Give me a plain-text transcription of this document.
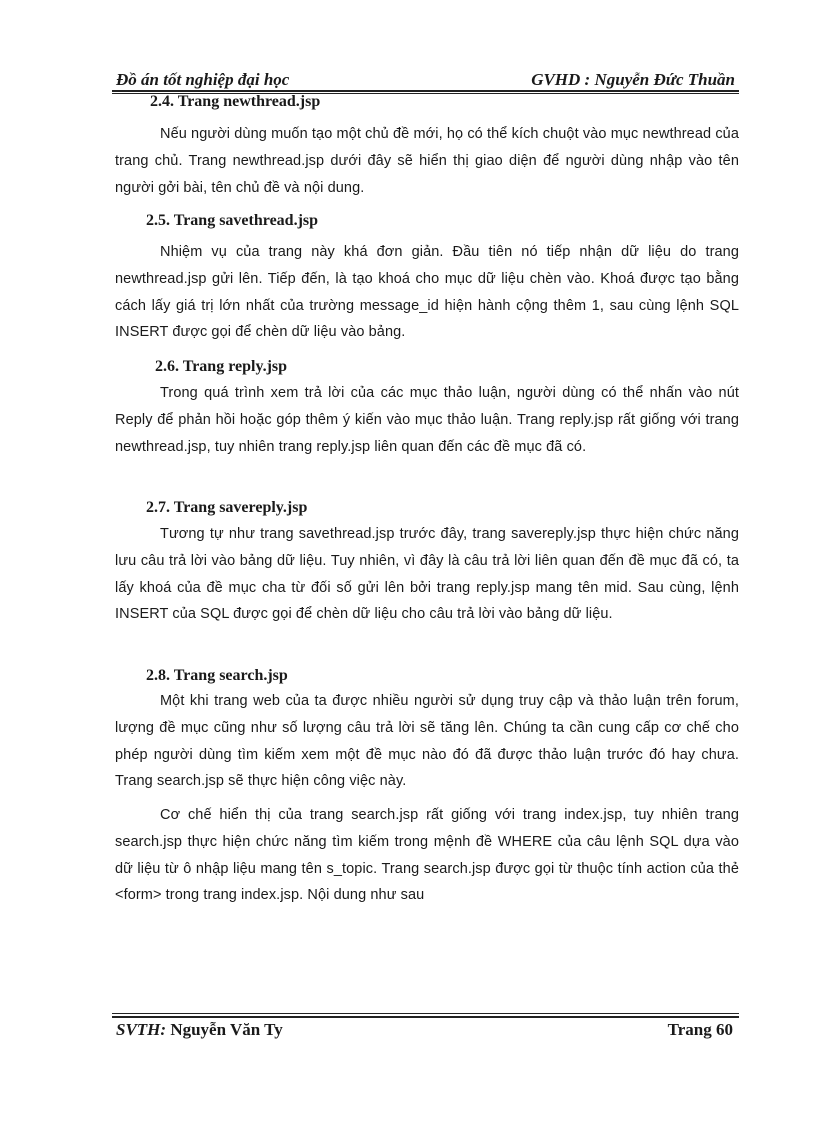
Đồ án tốt nghiệp đại học	GVHD : Nguyễn Đức Thuần
2.4. Trang newthread.jsp
Nếu người dùng muốn tạo một chủ đề mới, họ có thể kích chuột vào mục newthread của trang chủ. Trang newthread.jsp dưới đây sẽ hiển thị giao diện để người dùng nhập vào tên người gởi bài, tên chủ đề và nội dung.
2.5. Trang savethread.jsp
Nhiệm vụ của trang này khá đơn giản. Đầu tiên nó tiếp nhận dữ liệu do trang newthread.jsp gửi lên. Tiếp đến, là tạo khoá cho mục dữ liệu chèn vào. Khoá được tạo bằng cách lấy giá trị lớn nhất của trường message_id hiện hành cộng thêm 1, sau cùng lệnh SQL INSERT được gọi để chèn dữ liệu vào bảng.
2.6. Trang reply.jsp
Trong quá trình xem trả lời của các mục thảo luận, người dùng có thể nhấn vào nút Reply để phản hồi hoặc góp thêm ý kiến vào mục thảo luận. Trang reply.jsp rất giống với trang newthread.jsp, tuy nhiên trang reply.jsp liên quan đến các đề mục đã có.
2.7. Trang savereply.jsp
Tương tự như trang savethread.jsp trước đây, trang savereply.jsp thực hiện chức năng lưu câu trả lời vào bảng dữ liệu. Tuy nhiên, vì đây là câu trả lời liên quan đến đề mục đã có, ta lấy khoá của đề mục cha từ đối số gửi lên bởi trang reply.jsp mang tên mid. Sau cùng, lệnh INSERT của SQL được gọi để chèn dữ liệu cho câu trả lời vào bảng dữ liệu.
2.8. Trang search.jsp
Một khi trang web của ta được nhiều người sử dụng truy cập và thảo luận trên forum, lượng đề mục cũng như số lượng câu trả lời sẽ tăng lên. Chúng ta cần cung cấp cơ chế cho phép người dùng tìm kiếm xem một đề mục nào đó đã được thảo luận trước đó hay chưa. Trang search.jsp sẽ thực hiện công việc này.
Cơ chế hiển thị của trang search.jsp rất giống với trang index.jsp, tuy nhiên trang search.jsp thực hiện chức năng tìm kiếm trong mệnh đề WHERE của câu lệnh SQL dựa vào dữ liệu từ ô nhập liệu mang tên s_topic. Trang search.jsp được gọi từ thuộc tính action của thẻ <form> trong trang index.jsp. Nội dung như sau
SVTH: Nguyễn Văn Ty	Trang 60
